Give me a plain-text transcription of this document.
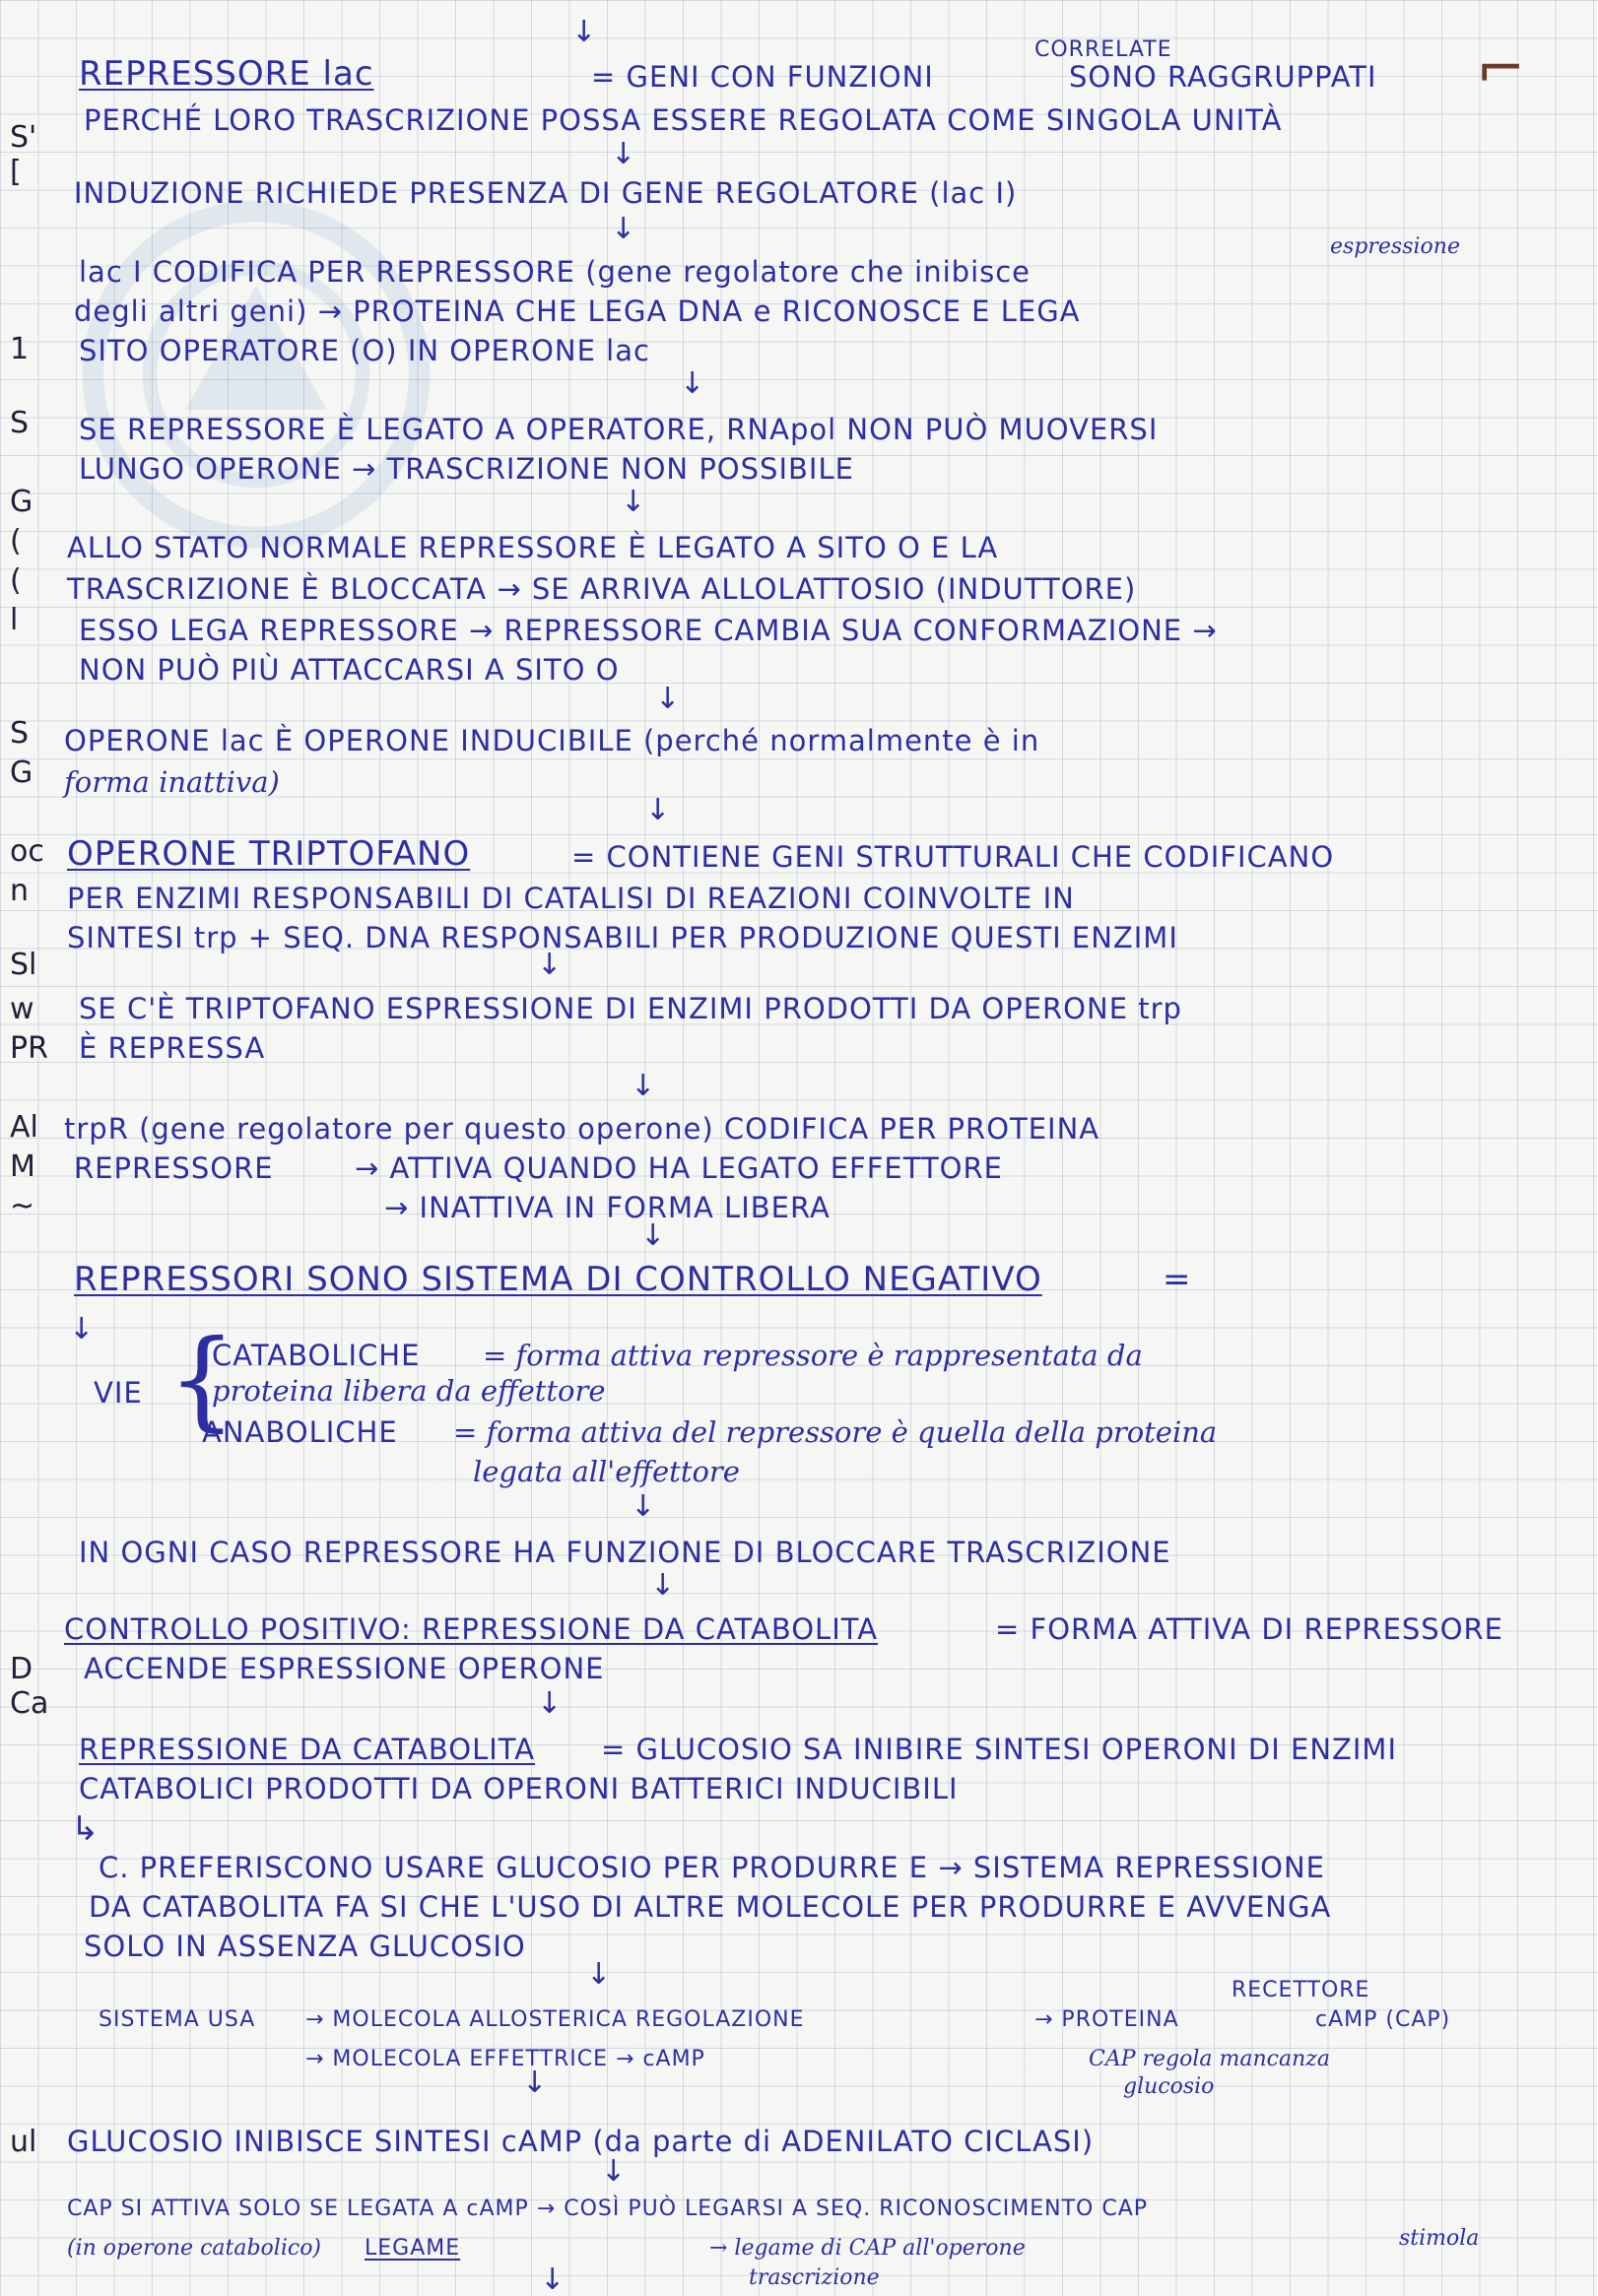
⌐
S'
[
1
S
G
(
(
l
S
G
oc
n
Sl
w
PR
Al
M
~
D
Ca
ul
↓
REPRESSORE lac	= GENI CON FUNZIONI
CORRELATE
SONO RAGGRUPPATI
PERCHÉ LORO TRASCRIZIONE POSSA ESSERE REGOLATA COME SINGOLA UNITÀ
↓
INDUZIONE RICHIEDE PRESENZA DI GENE REGOLATORE (lac I)
↓
lac I CODIFICA PER REPRESSORE (gene regolatore che inibisce
espressione
degli altri geni) → PROTEINA CHE LEGA DNA e RICONOSCE E LEGA
SITO OPERATORE (O) IN OPERONE lac
↓
SE REPRESSORE È LEGATO A OPERATORE, RNApol NON PUÒ MUOVERSI
LUNGO OPERONE → TRASCRIZIONE NON POSSIBILE
↓
ALLO STATO NORMALE REPRESSORE È LEGATO A SITO O E LA
TRASCRIZIONE È BLOCCATA → SE ARRIVA ALLOLATTOSIO (INDUTTORE)
ESSO LEGA REPRESSORE → REPRESSORE CAMBIA SUA CONFORMAZIONE →
NON PUÒ PIÙ ATTACCARSI A SITO O
↓
OPERONE lac È OPERONE INDUCIBILE (perché normalmente è in
forma inattiva)
↓
OPERONE TRIPTOFANO	= CONTIENE GENI STRUTTURALI CHE CODIFICANO
PER ENZIMI RESPONSABILI DI CATALISI DI REAZIONI COINVOLTE IN
SINTESI trp + SEQ. DNA RESPONSABILI PER PRODUZIONE QUESTI ENZIMI
↓
SE C'È TRIPTOFANO ESPRESSIONE DI ENZIMI PRODOTTI DA OPERONE trp
È REPRESSA
↓
trpR (gene regolatore per questo operone) CODIFICA PER PROTEINA
REPRESSORE	→ ATTIVA QUANDO HA LEGATO EFFETTORE
→ INATTIVA IN FORMA LIBERA
↓
REPRESSORI SONO SISTEMA DI CONTROLLO NEGATIVO	=
↓
VIE {
CATABOLICHE = forma attiva repressore è rappresentata da
proteina libera da effettore
ANABOLICHE = forma attiva del repressore è quella della proteina
legata all'effettore
↓
IN OGNI CASO REPRESSORE HA FUNZIONE DI BLOCCARE TRASCRIZIONE
↓
CONTROLLO POSITIVO: REPRESSIONE DA CATABOLITA	= FORMA ATTIVA DI REPRESSORE
ACCENDE ESPRESSIONE OPERONE
↓
REPRESSIONE DA CATABOLITA = GLUCOSIO SA INIBIRE SINTESI OPERONI DI ENZIMI
CATABOLICI PRODOTTI DA OPERONI BATTERICI INDUCIBILI
↳
C. PREFERISCONO USARE GLUCOSIO PER PRODURRE E → SISTEMA REPRESSIONE
DA CATABOLITA FA SI CHE L'USO DI ALTRE MOLECOLE PER PRODURRE E AVVENGA
SOLO IN ASSENZA GLUCOSIO
↓
SISTEMA USA → MOLECOLA ALLOSTERICA REGOLAZIONE	→ PROTEINA
RECETTORE
cAMP (CAP)
→ MOLECOLA EFFETTRICE → cAMP	CAP regola mancanza
glucosio
↓
GLUCOSIO INIBISCE SINTESI cAMP (da parte di ADENILATO CICLASI)
↓
CAP SI ATTIVA SOLO SE LEGATA A cAMP → COSÌ PUÒ LEGARSI A SEQ. RICONOSCIMENTO CAP
(in operone catabolico) LEGAME	→ legame di CAP all'operone	stimola
↓	trascrizione
